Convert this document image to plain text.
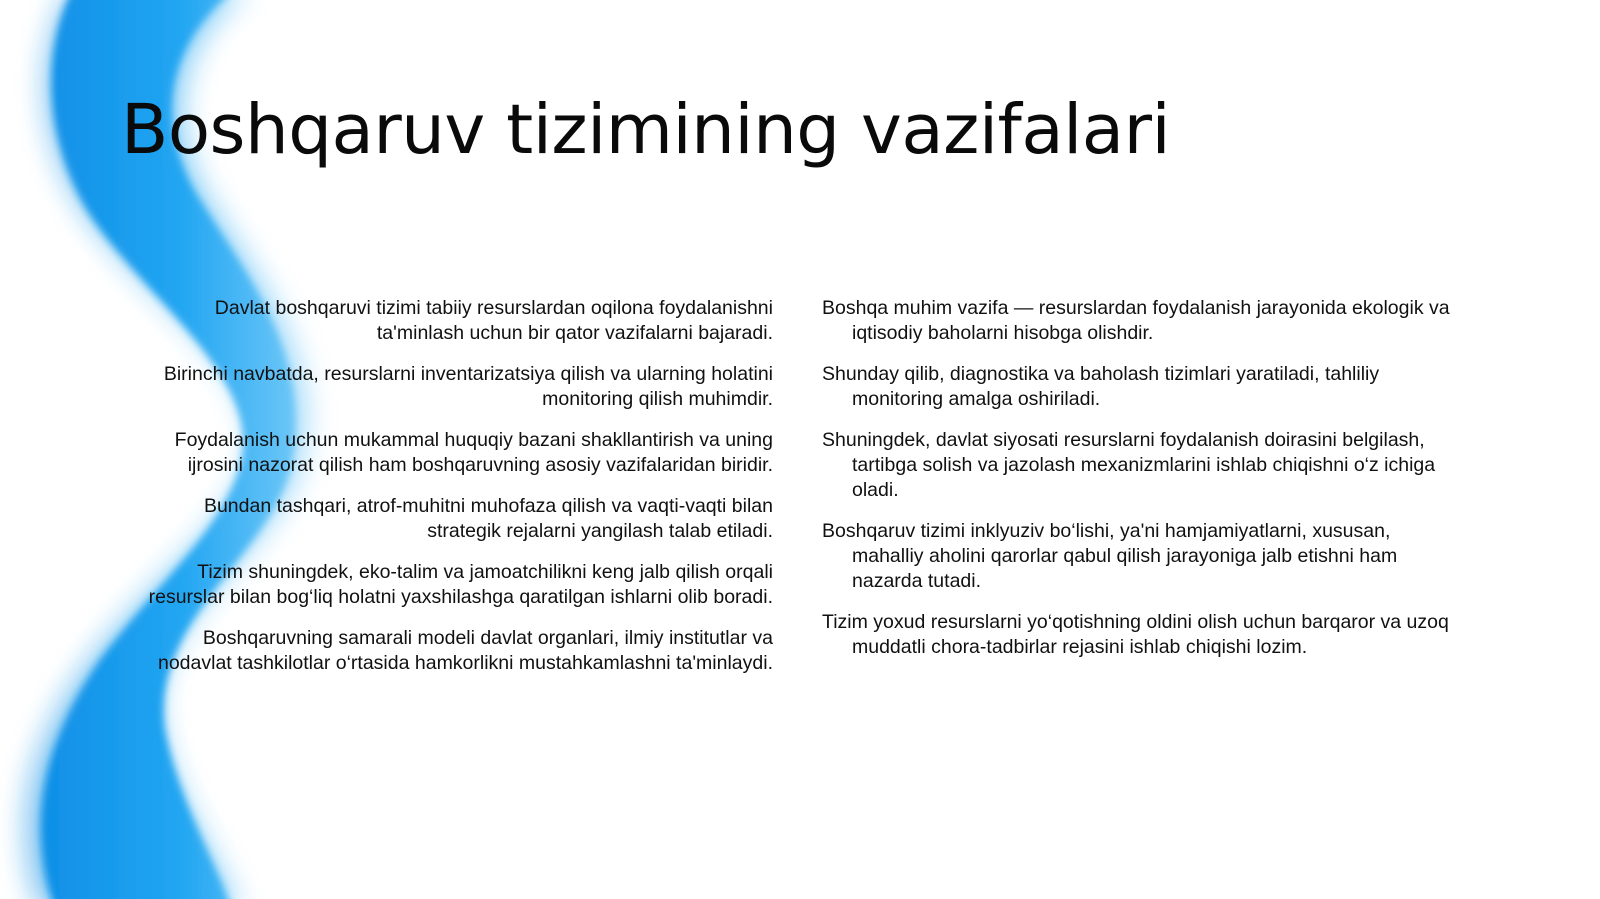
Boshqaruv tizimining vazifalari

Davlat boshqaruvi tizimi tabiiy resurslardan oqilona foydalanishni ta'minlash uchun bir qator vazifalarni bajaradi.

Birinchi navbatda, resurslarni inventarizatsiya qilish va ularning holatini monitoring qilish muhimdir.

Foydalanish uchun mukammal huquqiy bazani shakllantirish va uning ijrosini nazorat qilish ham boshqaruvning asosiy vazifalaridan biridir.

Bundan tashqari, atrof-muhitni muhofaza qilish va vaqti-vaqti bilan strategik rejalarni yangilash talab etiladi.

Tizim shuningdek, eko-talim va jamoatchilikni keng jalb qilish orqali resurslar bilan bog‘liq holatni yaxshilashga qaratilgan ishlarni olib boradi.

Boshqaruvning samarali modeli davlat organlari, ilmiy institutlar va nodavlat tashkilotlar o‘rtasida hamkorlikni mustahkamlashni ta'minlaydi.

Boshqa muhim vazifa — resurslardan foydalanish jarayonida ekologik va iqtisodiy baholarni hisobga olishdir.

Shunday qilib, diagnostika va baholash tizimlari yaratiladi, tahliliy monitoring amalga oshiriladi.

Shuningdek, davlat siyosati resurslarni foydalanish doirasini belgilash, tartibga solish va jazolash mexanizmlarini ishlab chiqishni o‘z ichiga oladi.

Boshqaruv tizimi inklyuziv bo‘lishi, ya'ni hamjamiyatlarni, xususan, mahalliy aholini qarorlar qabul qilish jarayoniga jalb etishni ham nazarda tutadi.

Tizim yoxud resurslarni yo‘qotishning oldini olish uchun barqaror va uzoq muddatli chora-tadbirlar rejasini ishlab chiqishi lozim.
